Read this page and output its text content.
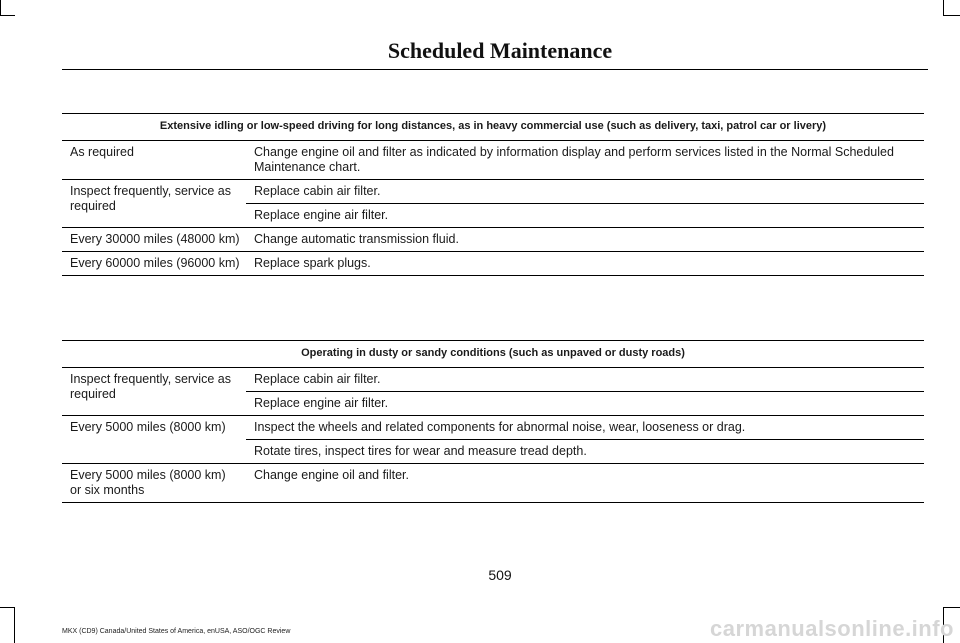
Scheduled Maintenance
Extensive idling or low-speed driving for long distances, as in heavy commercial use (such as delivery, taxi, patrol car or livery)	
As required	Change engine oil and filter as indicated by information display and perform services listed in the Normal Scheduled Maintenance chart.
Inspect frequently, service as required	Replace cabin air filter.
	Replace engine air filter.
Every 30000 miles (48000 km)	Change automatic transmission fluid.
Every 60000 miles (96000 km)	Replace spark plugs.
Operating in dusty or sandy conditions (such as unpaved or dusty roads)	
Inspect frequently, service as required	Replace cabin air filter.
	Replace engine air filter.
Every 5000 miles (8000 km)	Inspect the wheels and related components for abnormal noise, wear, looseness or drag.
	Rotate tires, inspect tires for wear and measure tread depth.
Every 5000 miles (8000 km) or six months	Change engine oil and filter.
509
MKX (CD9) Canada/United States of America, enUSA, ASO/OGC Review	carmanualsonline.info
